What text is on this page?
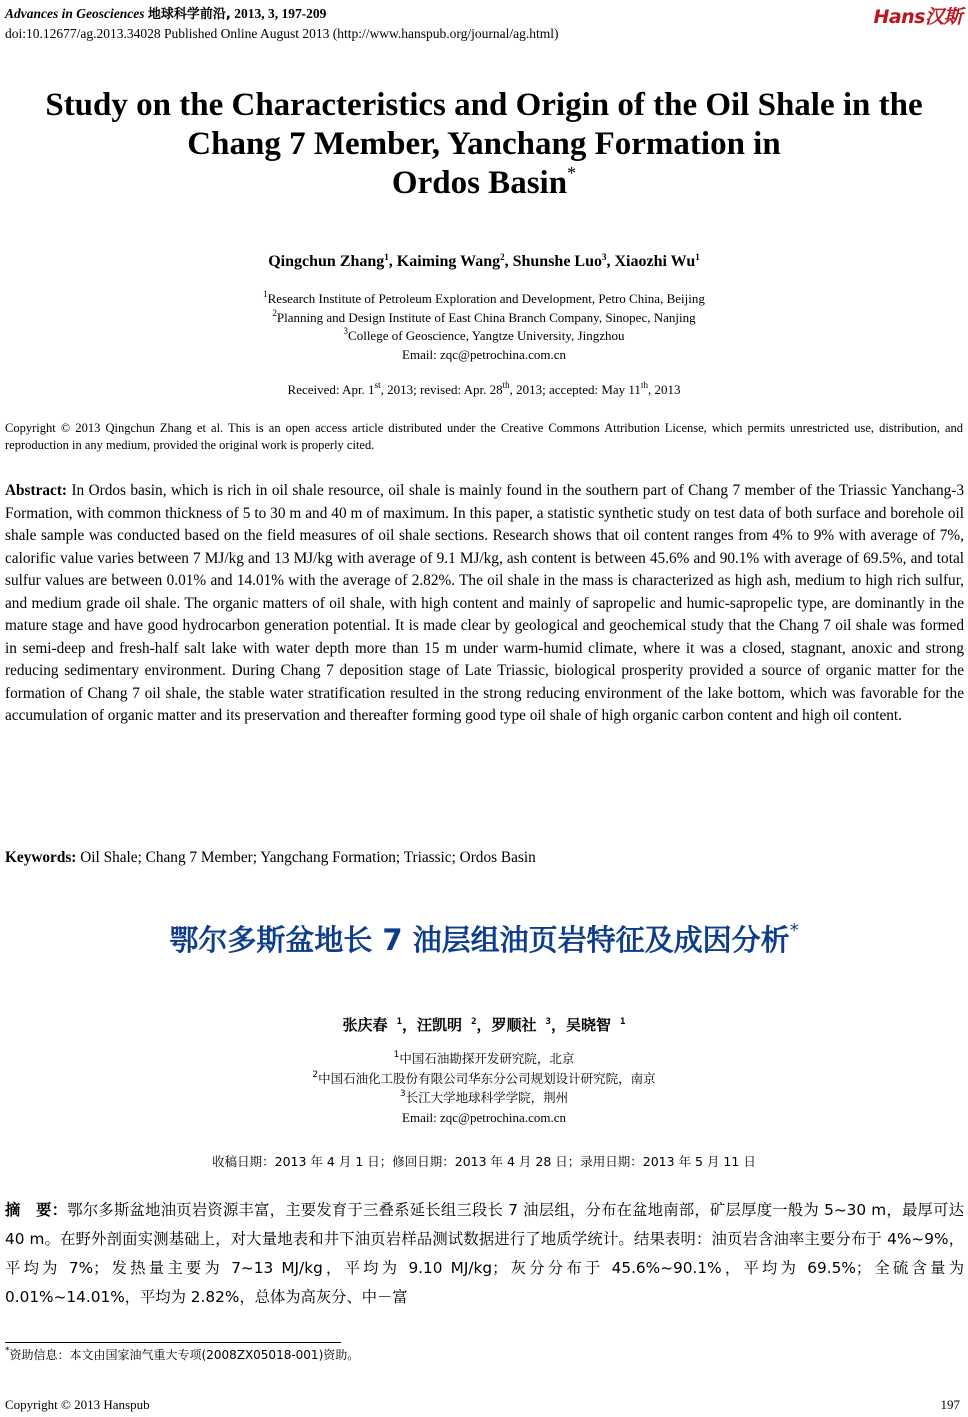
Advances in Geosciences 地球科学前沿, 2013, 3, 197-209
doi:10.12677/ag.2013.34028 Published Online August 2013 (http://www.hanspub.org/journal/ag.html)
Hans汉斯
Study on the Characteristics and Origin of the Oil Shale in the
Chang 7 Member, Yanchang Formation in
Ordos Basin*
Qingchun Zhang$^1$, Kaiming Wang$^2$, Shunshe Luo$^3$, Xiaozhi Wu$^1$
$^1$Research Institute of Petroleum Exploration and Development, Petro China, Beijing
$^2$Planning and Design Institute of East China Branch Company, Sinopec, Nanjing
$^3$College of Geoscience, Yangtze University, Jingzhou
Email: zqc@petrochina.com.cn
Received: Apr. 1st, 2013; revised: Apr. 28th, 2013; accepted: May 11th, 2013
Copyright © 2013 Qingchun Zhang et al. This is an open access article distributed under the Creative Commons Attribution License, which permits unrestricted use, distribution, and reproduction in any medium, provided the original work is properly cited.
Abstract: In Ordos basin, which is rich in oil shale resource, oil shale is mainly found in the southern part of Chang 7 member of the Triassic Yanchang-3 Formation, with common thickness of 5 to 30 m and 40 m of maximum. In this paper, a statistic synthetic study on test data of both surface and borehole oil shale sample was conducted based on the field measures of oil shale sections. Research shows that oil content ranges from 4% to 9% with average of 7%, calorific value varies between 7 MJ/kg and 13 MJ/kg with average of 9.1 MJ/kg, ash content is between 45.6% and 90.1% with average of 69.5%, and total sulfur values are between 0.01% and 14.01% with the average of 2.82%. The oil shale in the mass is characterized as high ash, medium to high rich sulfur, and medium grade oil shale. The organic matters of oil shale, with high content and mainly of sapropelic and humic-sapropelic type, are dominantly in the mature stage and have good hydrocarbon generation potential. It is made clear by geological and geochemical study that the Chang 7 oil shale was formed in semi-deep and fresh-half salt lake with water depth more than 15 m under warm-humid climate, where it was a closed, stagnant, anoxic and strong reducing sedimentary environment. During Chang 7 deposition stage of Late Triassic, biological prosperity provided a source of organic matter for the formation of Chang 7 oil shale, the stable water stratification resulted in the strong reducing environment of the lake bottom, which was favorable for the accumulation of organic matter and its preservation and thereafter forming good type oil shale of high organic carbon content and high oil content.
Keywords: Oil Shale; Chang 7 Member; Yangchang Formation; Triassic; Ordos Basin
鄂尔多斯盆地长 7 油层组油页岩特征及成因分析*
张庆春 $^1$，汪凯明 $^2$，罗顺社 $^3$，吴晓智 $^1$
$^1$中国石油勘探开发研究院，北京
$^2$中国石油化工股份有限公司华东分公司规划设计研究院，南京
$^3$长江大学地球科学学院，荆州
Email: zqc@petrochina.com.cn
收稿日期：2013 年 4 月 1 日；修回日期：2013 年 4 月 28 日；录用日期：2013 年 5 月 11 日
摘　要：鄂尔多斯盆地油页岩资源丰富，主要发育于三叠系延长组三段长 7 油层组，分布在盆地南部，矿层厚度一般为 5~30 m，最厚可达 40 m。在野外剖面实测基础上，对大量地表和井下油页岩样品测试数据进行了地质学统计。结果表明：油页岩含油率主要分布于 4%~9%，平均为 7%；发热量主要为 7~13 MJ/kg，平均为 9.10 MJ/kg；灰分分布于 45.6%~90.1%，平均为 69.5%；全硫含量为 0.01%~14.01%，平均为 2.82%，总体为高灰分、中－富
*资助信息：本文由国家油气重大专项(2008ZX05018-001)资助。
Copyright © 2013 Hanspub	197
